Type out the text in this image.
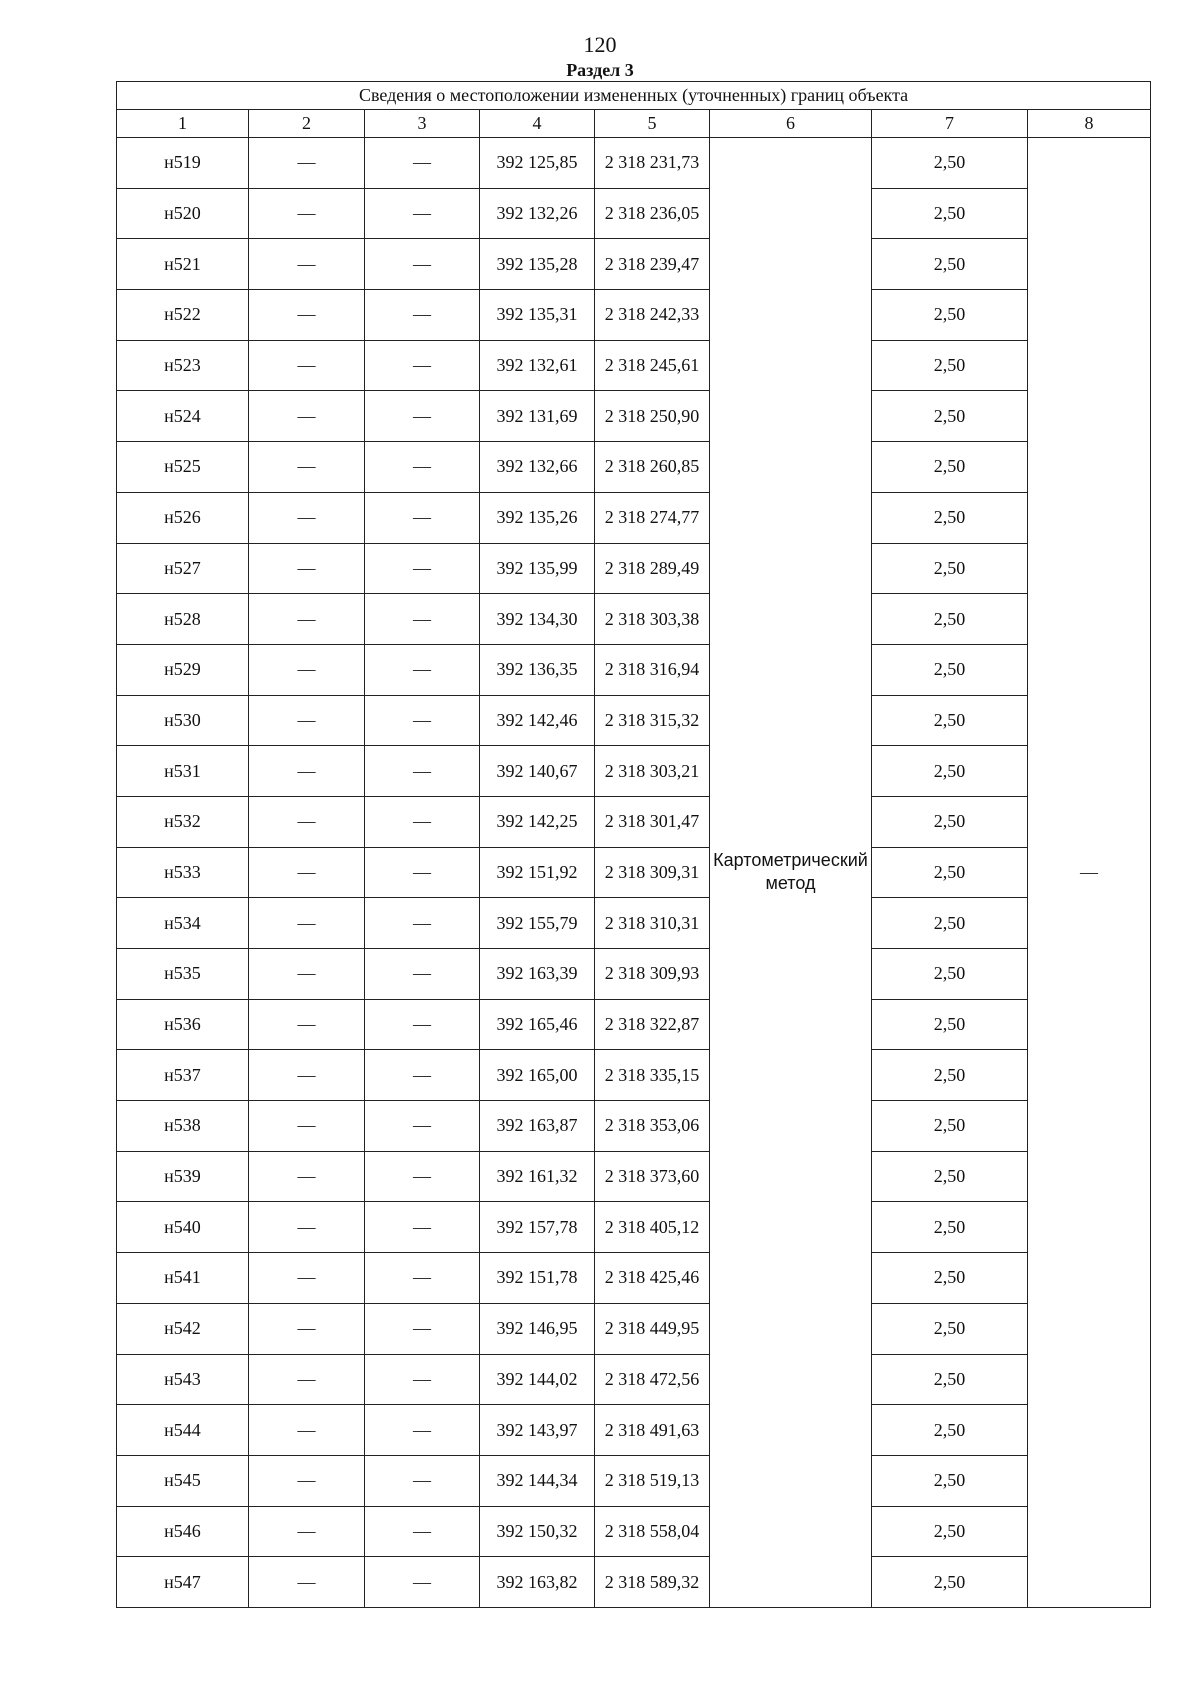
120
Раздел 3
Сведения о местоположении измененных (уточненных) границ объекта							
1	2	3	4	5	6	7	8
н519	—	—	392 125,85	2 318 231,73	Картометрический метод	2,50	—
н520	—	—	392 132,26	2 318 236,05		2,50	
н521	—	—	392 135,28	2 318 239,47		2,50	
н522	—	—	392 135,31	2 318 242,33		2,50	
н523	—	—	392 132,61	2 318 245,61		2,50	
н524	—	—	392 131,69	2 318 250,90		2,50	
н525	—	—	392 132,66	2 318 260,85		2,50	
н526	—	—	392 135,26	2 318 274,77		2,50	
н527	—	—	392 135,99	2 318 289,49		2,50	
н528	—	—	392 134,30	2 318 303,38		2,50	
н529	—	—	392 136,35	2 318 316,94		2,50	
н530	—	—	392 142,46	2 318 315,32		2,50	
н531	—	—	392 140,67	2 318 303,21		2,50	
н532	—	—	392 142,25	2 318 301,47		2,50	
н533	—	—	392 151,92	2 318 309,31		2,50	
н534	—	—	392 155,79	2 318 310,31		2,50	
н535	—	—	392 163,39	2 318 309,93		2,50	
н536	—	—	392 165,46	2 318 322,87		2,50	
н537	—	—	392 165,00	2 318 335,15		2,50	
н538	—	—	392 163,87	2 318 353,06		2,50	
н539	—	—	392 161,32	2 318 373,60		2,50	
н540	—	—	392 157,78	2 318 405,12		2,50	
н541	—	—	392 151,78	2 318 425,46		2,50	
н542	—	—	392 146,95	2 318 449,95		2,50	
н543	—	—	392 144,02	2 318 472,56		2,50	
н544	—	—	392 143,97	2 318 491,63		2,50	
н545	—	—	392 144,34	2 318 519,13		2,50	
н546	—	—	392 150,32	2 318 558,04		2,50	
н547	—	—	392 163,82	2 318 589,32		2,50	
